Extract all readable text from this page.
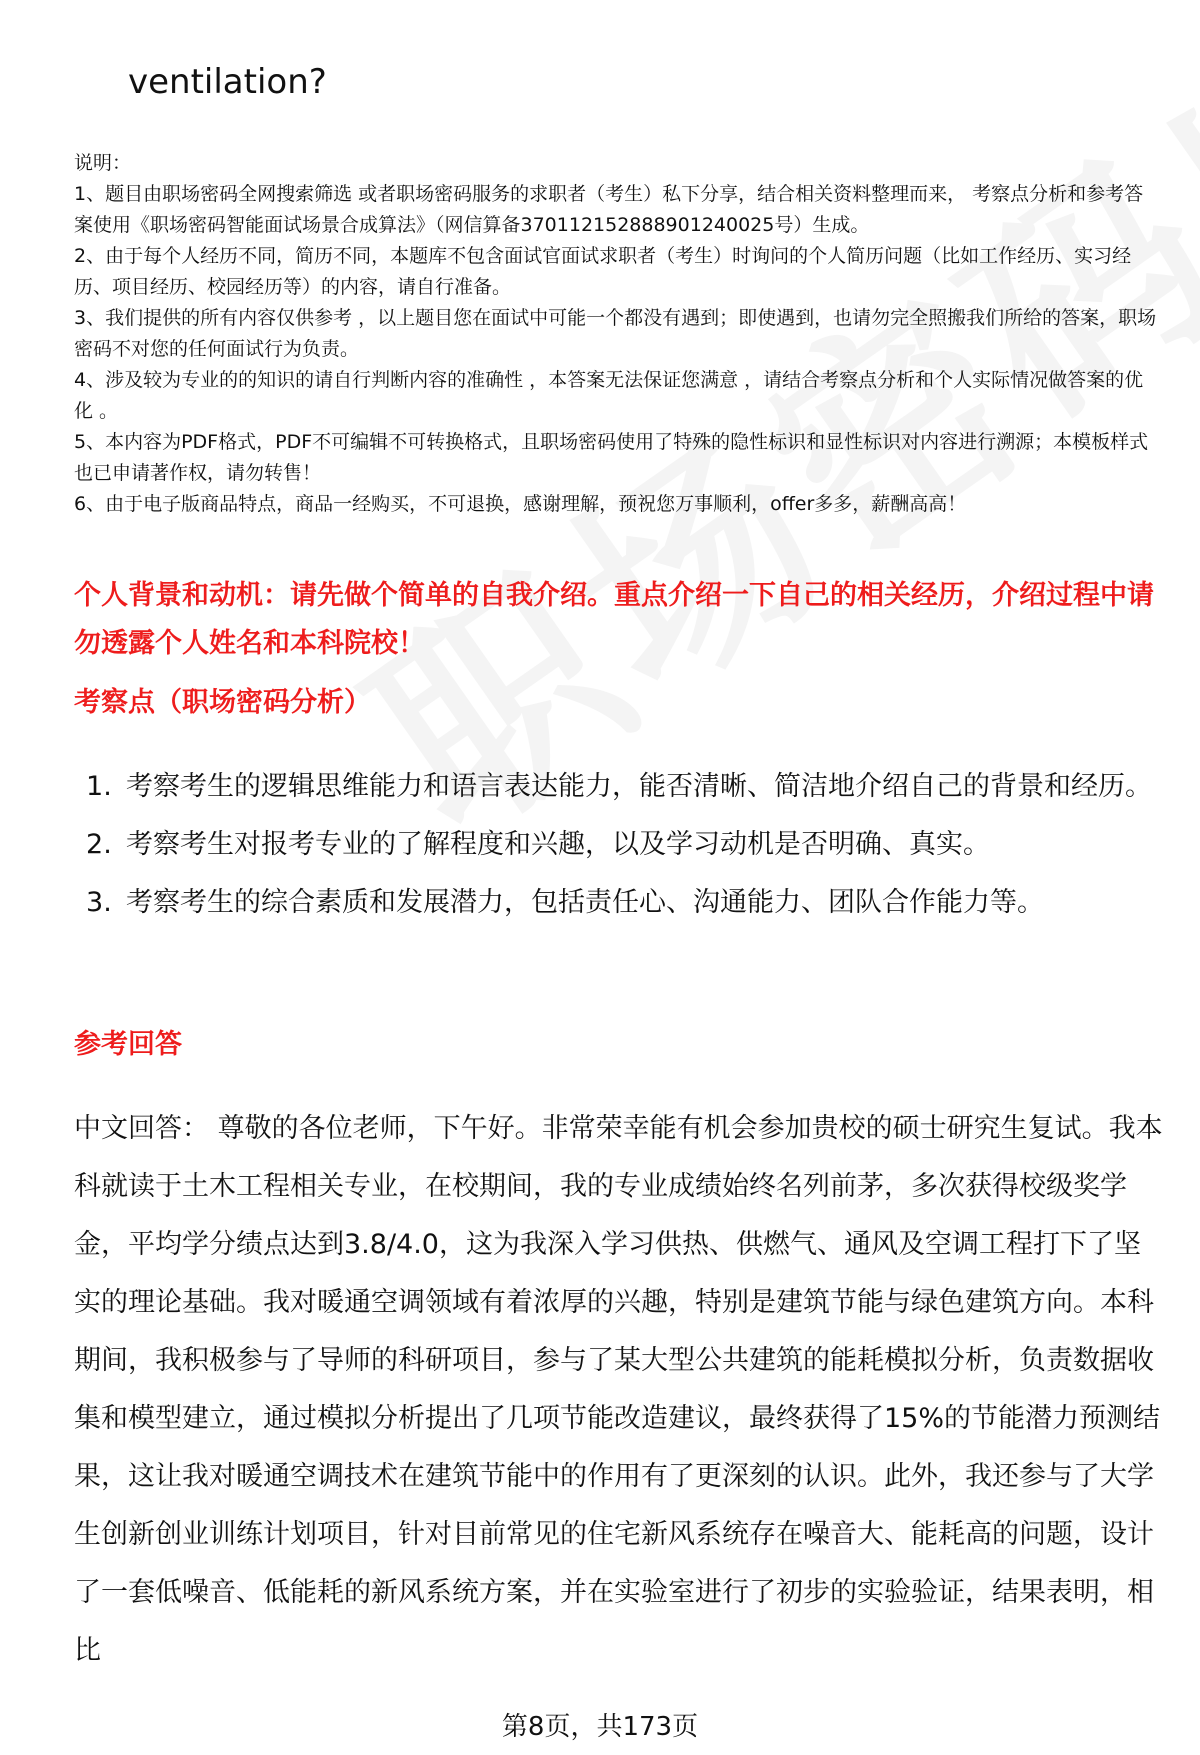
ventilation?

说明：

1、题目由职场密码全网搜索筛选 或者职场密码服务的求职者（考生）私下分享，结合相关资料整理而来， 考察点分析和参考答案使用《职场密码智能面试场景合成算法》（网信算备370112152888901240025号）生成。

2、由于每个人经历不同，简历不同，本题库不包含面试官面试求职者（考生）时询问的个人简历问题（比如工作经历、实习经历、项目经历、校园经历等）的内容，请自行准备。

3、我们提供的所有内容仅供参考 ，以上题目您在面试中可能一个都没有遇到；即使遇到，也请勿完全照搬我们所给的答案，职场密码不对您的任何面试行为负责。

4、涉及较为专业的的知识的请自行判断内容的准确性 ，本答案无法保证您满意 ，请结合考察点分析和个人实际情况做答案的优化 。

5、本内容为PDF格式，PDF不可编辑不可转换格式，且职场密码使用了特殊的隐性标识和显性标识对内容进行溯源；本模板样式也已申请著作权，请勿转售！

6、由于电子版商品特点，商品一经购买，不可退换，感谢理解，预祝您万事顺利，offer多多，薪酬高高！

个人背景和动机：请先做个简单的自我介绍。重点介绍一下自己的相关经历，介绍过程中请勿透露个人姓名和本科院校！
考察点（职场密码分析）
1 . 考察考生的逻辑思维能力和语言表达能力，能否清晰、简洁地介绍自己的背景和经历。
2 . 考察考生对报考专业的了解程度和兴趣，以及学习动机是否明确、真实。
3 . 考察考生的综合素质和发展潜力，包括责任心、沟通能力、团队合作能力等。
参考回答

中文回答： 尊敬的各位老师，下午好。非常荣幸能有机会参加贵校的硕士研究生复试。我本科就读于土木工程相关专业，在校期间，我的专业成绩始终名列前茅，多次获得校级奖学金，平均学分绩点达到3.8/4.0，这为我深入学习供热、供燃气、通风及空调工程打下了坚实的理论基础。我对暖通空调领域有着浓厚的兴趣，特别是建筑节能与绿色建筑方向。本科期间，我积极参与了导师的科研项目，参与了某大型公共建筑的能耗模拟分析，负责数据收集和模型建立，通过模拟分析提出了几项节能改造建议，最终获得了15%的节能潜力预测结果，这让我对暖通空调技术在建筑节能中的作用有了更深刻的认识。此外，我还参与了大学生创新创业训练计划项目，针对目前常见的住宅新风系统存在噪音大、能耗高的问题，设计了一套低噪音、低能耗的新风系统方案，并在实验室进行了初步的实验验证，结果表明，相比

第8页，共173页
